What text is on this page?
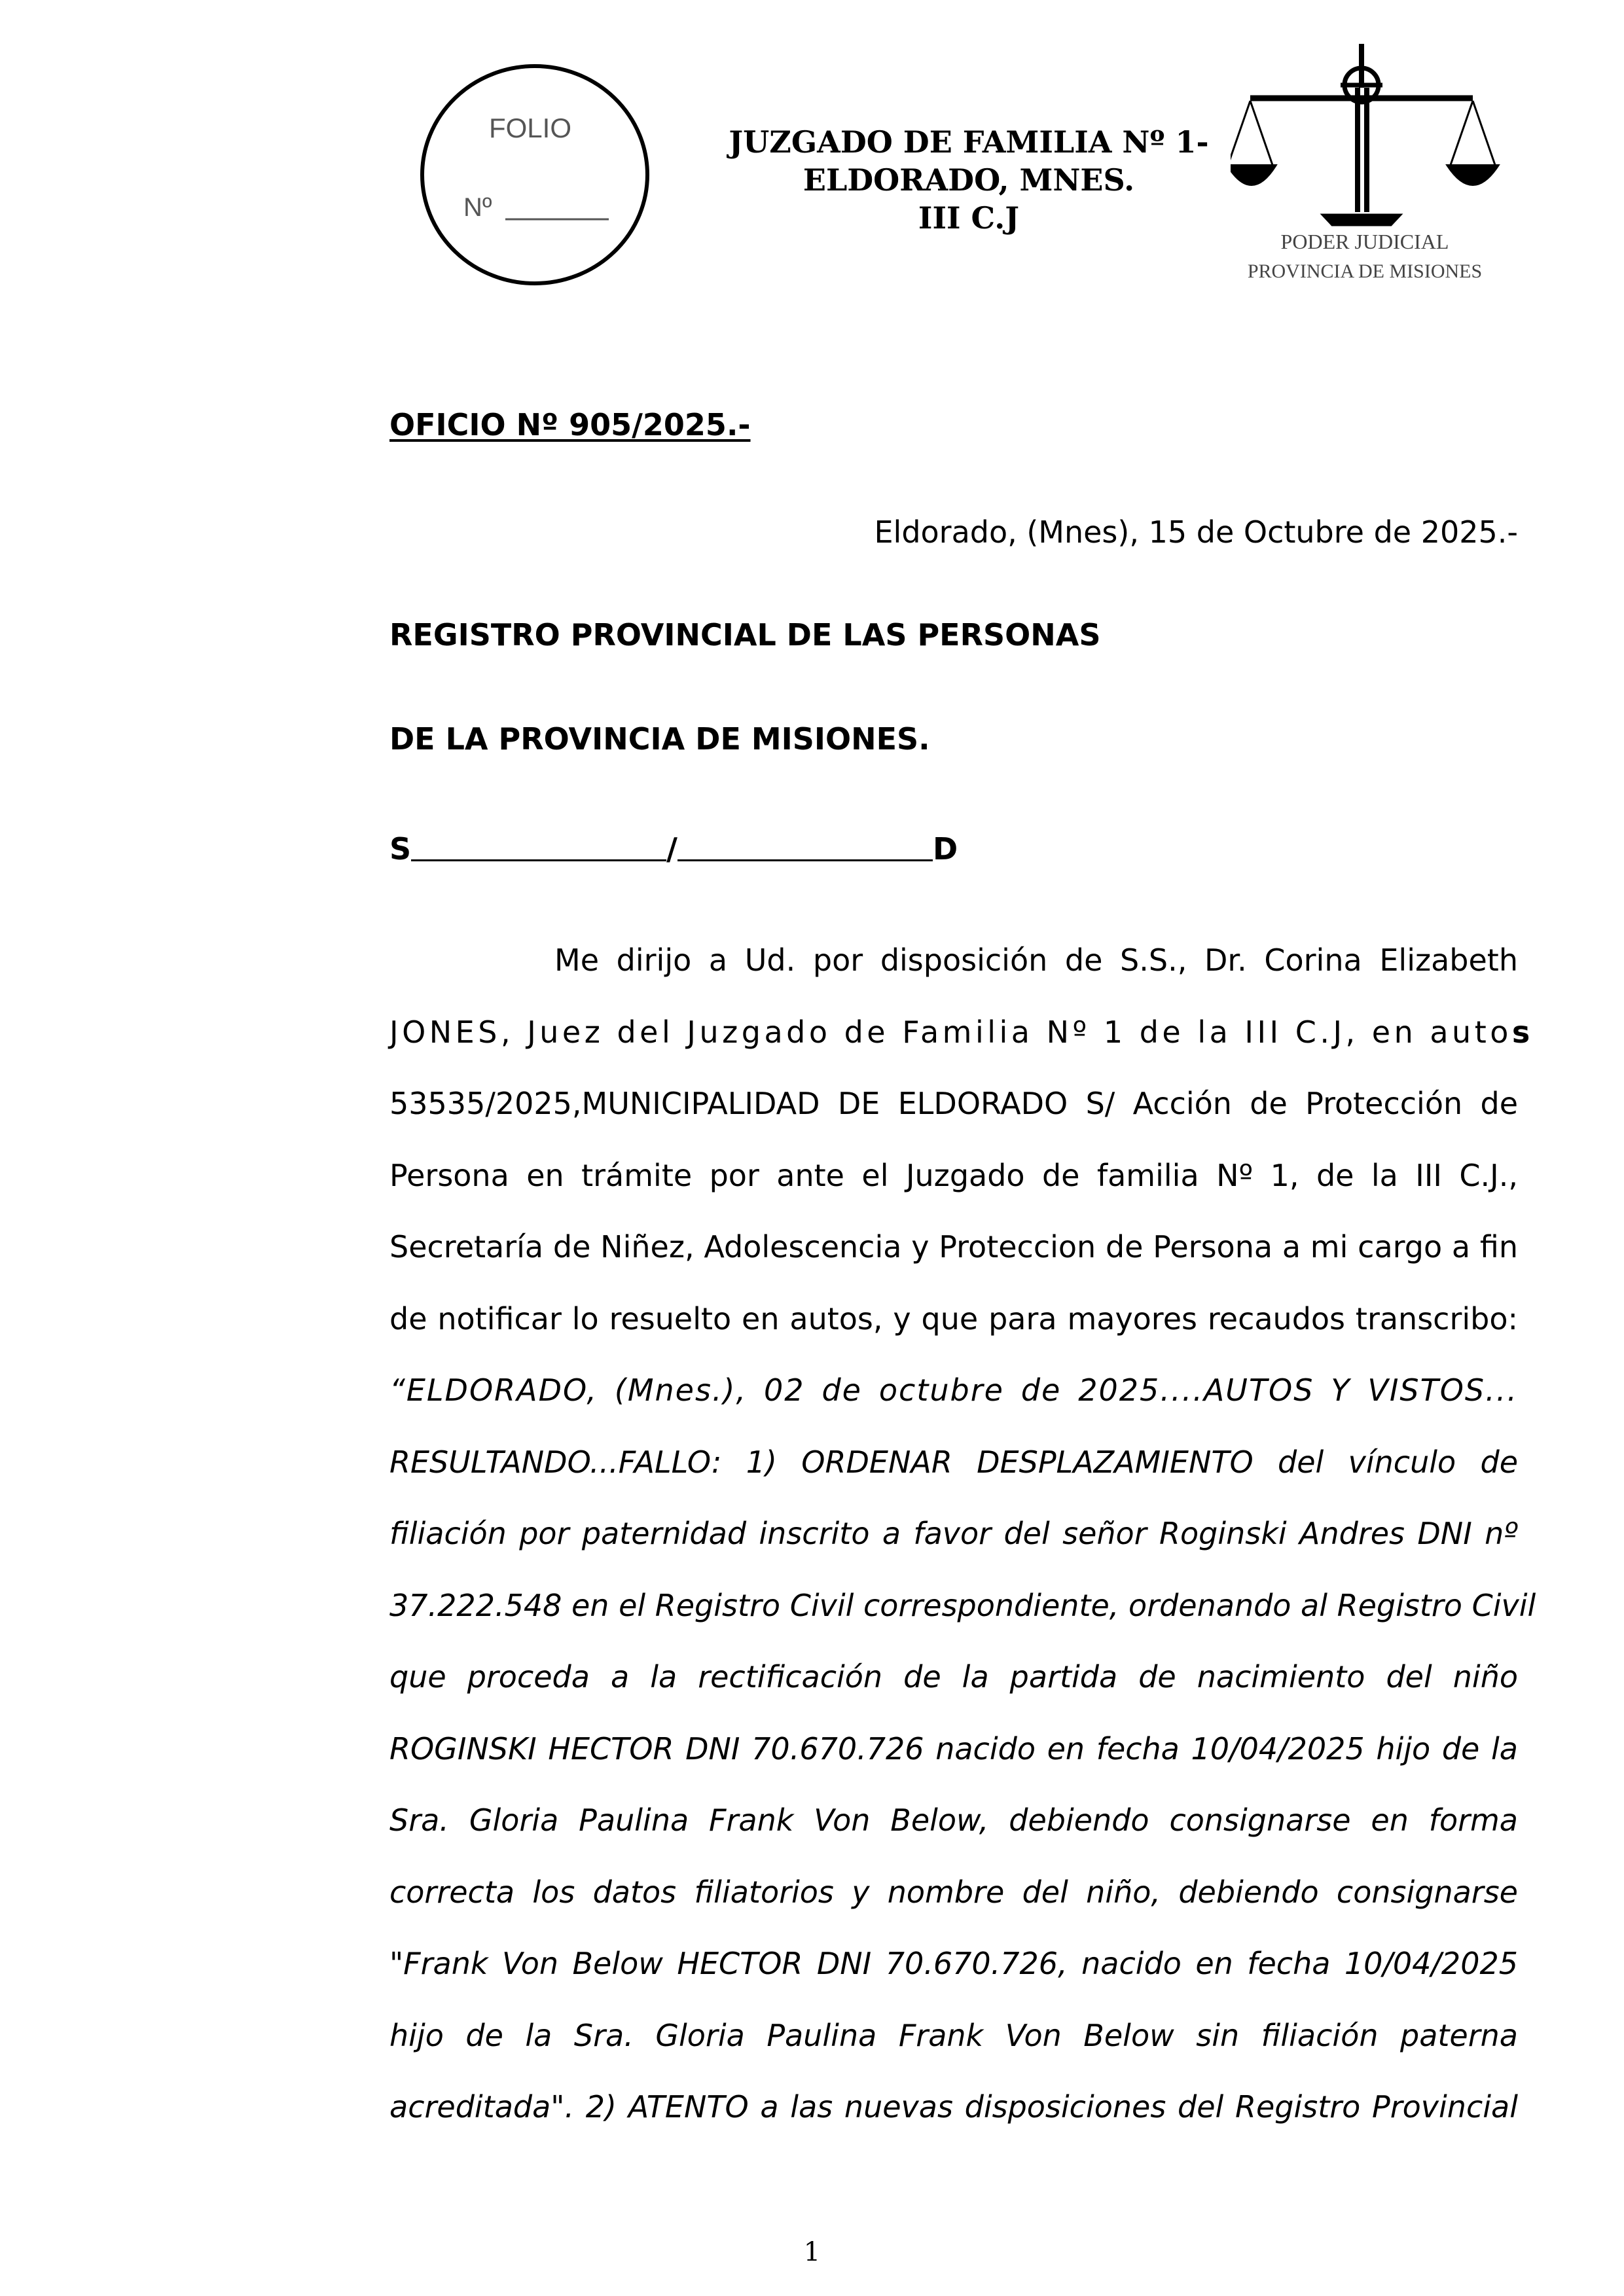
FOLIO
Nº
JUZGADO DE FAMILIA Nº 1-
ELDORADO, MNES.
III C.J
PODER JUDICIAL
PROVINCIA DE MISIONES
OFICIO Nº 905/2025.-
Eldorado, (Mnes), 15 de Octubre de 2025.-
REGISTRO PROVINCIAL DE LAS PERSONAS
DE LA PROVINCIA DE MISIONES.
S	/	D
Me dirijo a Ud. por disposición de S.S., Dr. Corina Elizabeth
JONES, Juez del Juzgado de Familia Nº 1 de la III C.J, en autos
53535/2025,MUNICIPALIDAD DE ELDORADO S/ Acción de Protección de
Persona en trámite por ante el Juzgado de familia Nº 1, de la III C.J.,
Secretaría de Niñez, Adolescencia y Proteccion de Persona a mi cargo a fin
de notificar lo resuelto en autos, y que para mayores recaudos transcribo:
“ELDORADO, (Mnes.), 02 de octubre de 2025....AUTOS Y VISTOS...
RESULTANDO...FALLO: 1) ORDENAR DESPLAZAMIENTO del vínculo de
filiación por paternidad inscrito a favor del señor Roginski Andres DNI nº
37.222.548 en el Registro Civil correspondiente, ordenando al Registro Civil
que proceda a la rectificación de la partida de nacimiento del niño
ROGINSKI HECTOR DNI 70.670.726 nacido en fecha 10/04/2025 hijo de la
Sra. Gloria Paulina Frank Von Below, debiendo consignarse en forma
correcta los datos filiatorios y nombre del niño, debiendo consignarse
"Frank Von Below HECTOR DNI 70.670.726, nacido en fecha 10/04/2025
hijo de la Sra. Gloria Paulina Frank Von Below sin filiación paterna
acreditada". 2) ATENTO a las nuevas disposiciones del Registro Provincial
1
